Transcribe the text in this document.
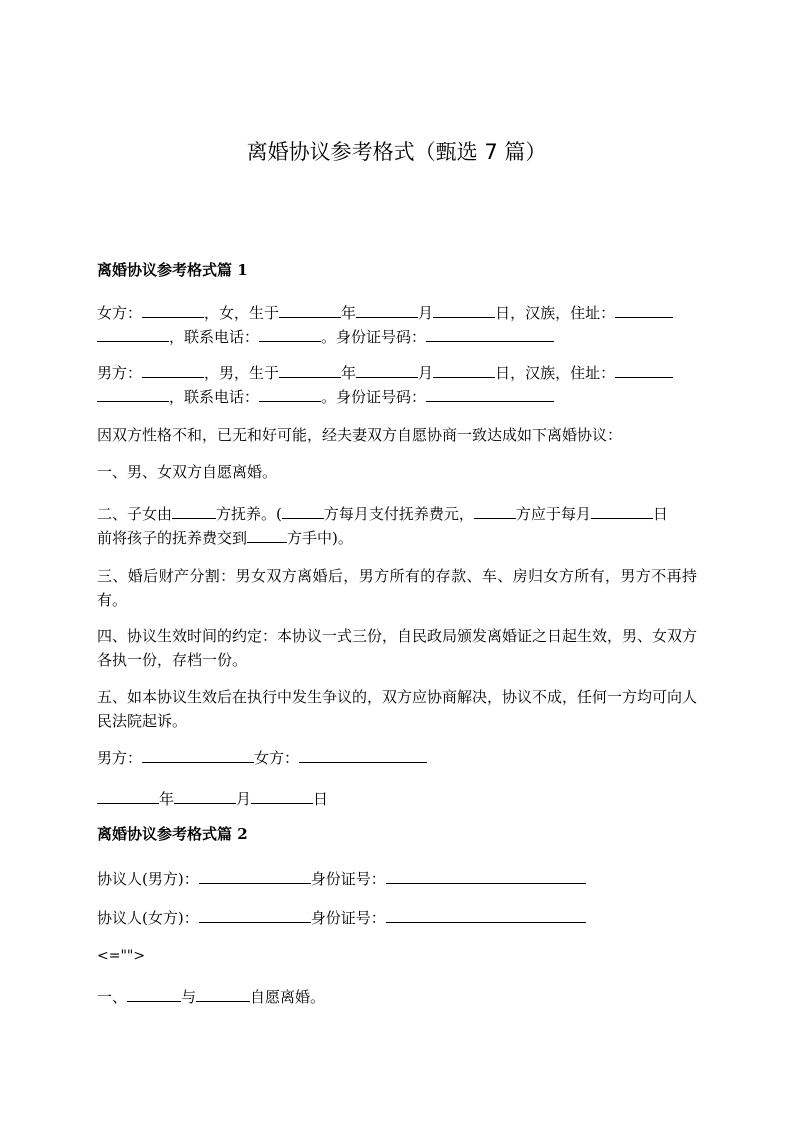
离婚协议参考格式（甄选 7 篇）
离婚协议参考格式篇 1
女方：	，女，生于	年	月	日，汉族，住址：
，联系电话：	。身份证号码：
男方：	，男，生于	年	月	日，汉族，住址：
，联系电话：	。身份证号码：
因双方性格不和，已无和好可能，经夫妻双方自愿协商一致达成如下离婚协议：
一、男、女双方自愿离婚。
二、子女由	方抚养。(	方每月支付抚养费元，	方应于每月	日
前将孩子的抚养费交到	方手中)。
三、婚后财产分割：男女双方离婚后，男方所有的存款、车、房归女方所有，男方不再持有。
四、协议生效时间的约定：本协议一式三份，自民政局颁发离婚证之日起生效，男、女双方各执一份，存档一份。
五、如本协议生效后在执行中发生争议的，双方应协商解决，协议不成，任何一方均可向人民法院起诉。
男方：	女方：
年	月	日
离婚协议参考格式篇 2
协议人(男方)：	身份证号：
协议人(女方)：	身份证号：
<="">
一、	与	自愿离婚。
